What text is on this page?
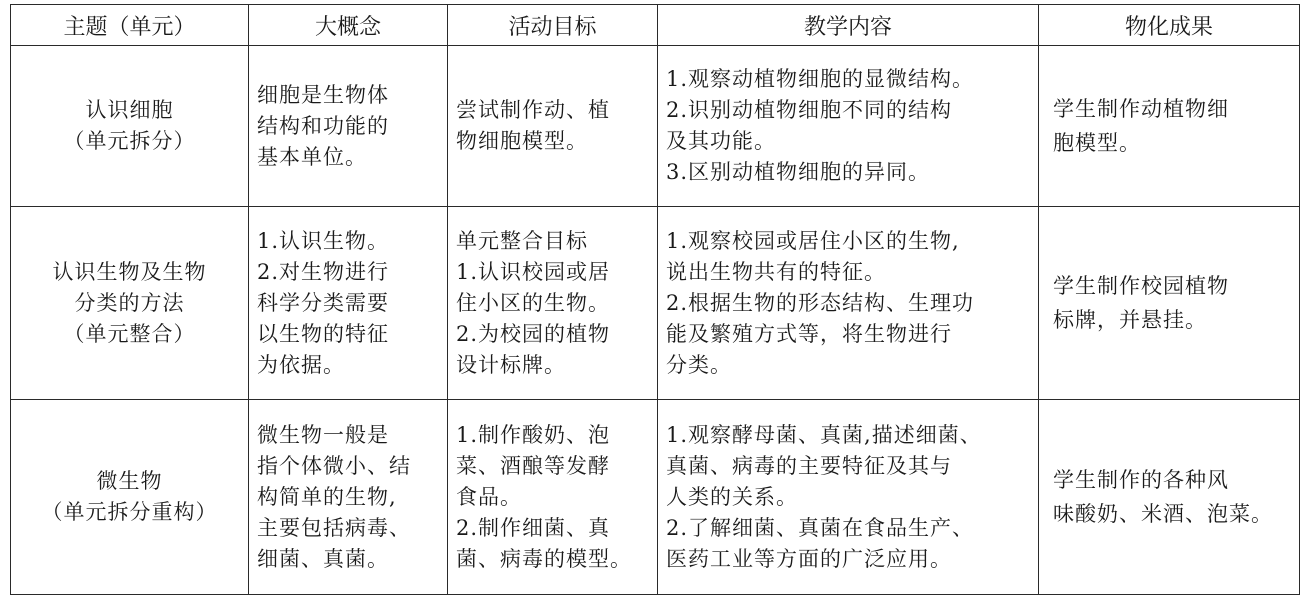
主题（单元）	大概念	活动目标	教学内容	物化成果

认识细胞
（单元拆分）	细胞是生物体
结构和功能的
基本单位。	尝试制作动、植
物细胞模型。	1.观察动植物细胞的显微结构。
2.识别动植物细胞不同的结构
及其功能。
3.区别动植物细胞的异同。	学生制作动植物细
胞模型。

认识生物及生物
分类的方法
（单元整合）	1.认识生物。
2.对生物进行
科学分类需要
以生物的特征
为依据。	单元整合目标
1.认识校园或居
住小区的生物。
2.为校园的植物
设计标牌。	1.观察校园或居住小区的生物,
说出生物共有的特征。
2.根据生物的形态结构、生理功
能及繁殖方式等，将生物进行
分类。	学生制作校园植物
标牌，并悬挂。

微生物
（单元拆分重构）	微生物一般是
指个体微小、结
构简单的生物,
主要包括病毒、
细菌、真菌。	1.制作酸奶、泡
菜、酒酿等发酵
食品。
2.制作细菌、真
菌、病毒的模型。	1.观察酵母菌、真菌,描述细菌、
真菌、病毒的主要特征及其与
人类的关系。
2.了解细菌、真菌在食品生产、
医药工业等方面的广泛应用。	学生制作的各种风
味酸奶、米酒、泡菜。
